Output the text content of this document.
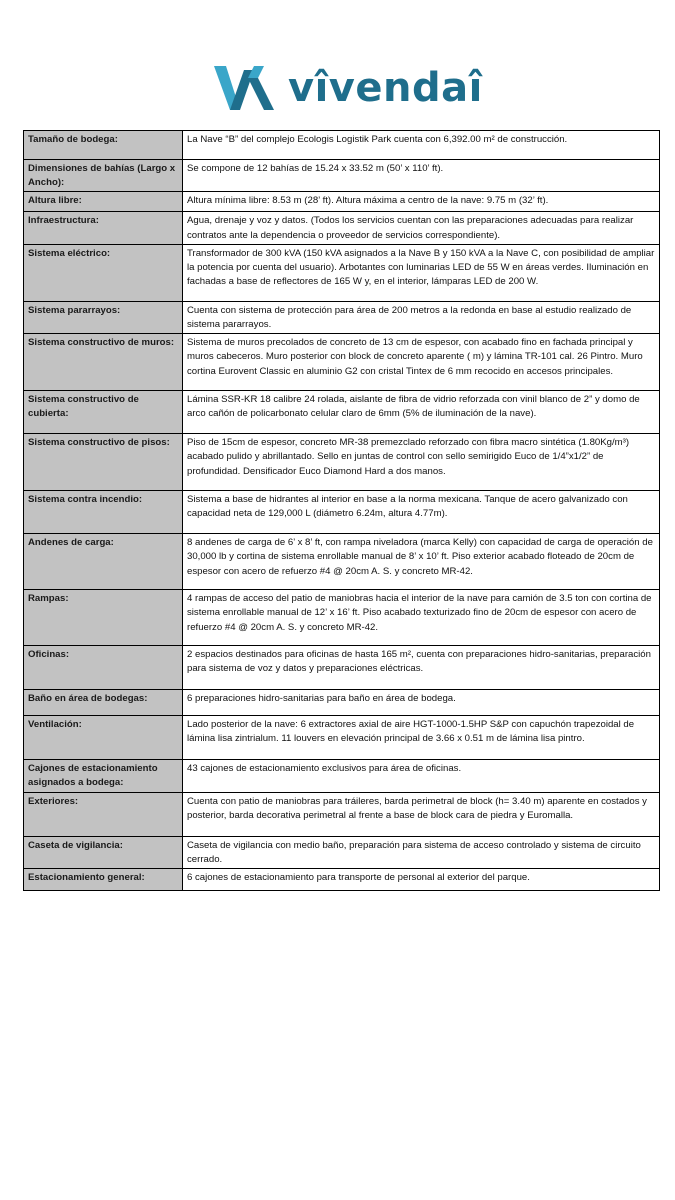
vîvendaî
Tamaño de bodega:	La Nave “B” del complejo Ecologis Logistik Park cuenta con 6,392.00 m² de construcción.
Dimensiones de bahías (Largo x Ancho):	Se compone de 12 bahías de 15.24 x 33.52 m (50’ x 110’ ft).
Altura libre:	Altura mínima libre: 8.53 m (28’ ft). Altura máxima a centro de la nave: 9.75 m (32’ ft).
Infraestructura:	Agua, drenaje y voz y datos. (Todos los servicios cuentan con las preparaciones adecuadas para realizar contratos ante la dependencia o proveedor de servicios correspondiente).
Sistema eléctrico:	Transformador de 300 kVA (150 kVA asignados a la Nave B y 150 kVA a la Nave C, con posibilidad de ampliar la potencia por cuenta del usuario). Arbotantes con luminarias LED de 55 W en áreas verdes. Iluminación en fachadas a base de reflectores de 165 W y, en el interior, lámparas LED de 200 W.
Sistema pararrayos:	Cuenta con sistema de protección para área de 200 metros a la redonda en base al estudio realizado de sistema pararrayos.
Sistema constructivo de muros:	Sistema de muros precolados de concreto de 13 cm de espesor, con acabado fino en fachada principal y muros cabeceros. Muro posterior con block de concreto aparente ( m) y lámina TR-101 cal. 26 Pintro. Muro cortina Eurovent Classic en aluminio G2 con cristal Tintex de 6 mm recocido en accesos principales.
Sistema constructivo de cubierta:	Lámina SSR-KR 18 calibre 24 rolada, aislante de fibra de vidrio reforzada con vinil blanco de 2” y domo de arco cañón de policarbonato celular claro de 6mm (5% de iluminación de la nave).
Sistema constructivo de pisos:	Piso de 15cm de espesor, concreto MR-38 premezclado reforzado con fibra macro sintética (1.80Kg/m³) acabado pulido y abrillantado. Sello en juntas de control con sello semirigido Euco de 1/4”x1/2” de profundidad. Densificador Euco Diamond Hard a dos manos.
Sistema contra incendio:	Sistema a base de hidrantes al interior en base a la norma mexicana. Tanque de acero galvanizado con capacidad neta de 129,000 L (diámetro 6.24m, altura 4.77m).
Andenes de carga:	8 andenes de carga de 6’ x 8’ ft, con rampa niveladora (marca Kelly) con capacidad de carga de operación de 30,000 lb y cortina de sistema enrollable manual de 8’ x 10’ ft. Piso exterior acabado floteado de 20cm de espesor con acero de refuerzo #4 @ 20cm A. S. y concreto MR-42.
Rampas:	4 rampas de acceso del patio de maniobras hacia el interior de la nave para camión de 3.5 ton con cortina de sistema enrollable manual de 12’ x 16’ ft. Piso acabado texturizado fino de 20cm de espesor con acero de refuerzo #4 @ 20cm A. S. y concreto MR-42.
Oficinas:	2 espacios destinados para oficinas de hasta 165 m², cuenta con preparaciones hidro-sanitarias, preparación para sistema de voz y datos y preparaciones eléctricas.
Baño en área de bodegas:	6 preparaciones hidro-sanitarias para baño en área de bodega.
Ventilación:	Lado posterior de la nave: 6 extractores axial de aire HGT-1000-1.5HP S&P con capuchón trapezoidal de lámina lisa zintrialum. 11 louvers en elevación principal de 3.66 x 0.51 m de lámina lisa pintro.
Cajones de estacionamiento asignados a bodega:	43 cajones de estacionamiento exclusivos para área de oficinas.
Exteriores:	Cuenta con patio de maniobras para tráileres, barda perimetral de block (h= 3.40 m) aparente en costados y posterior, barda decorativa perimetral al frente a base de block cara de piedra y Euromalla.
Caseta de vigilancia:	Caseta de vigilancia con medio baño, preparación para sistema de acceso controlado y sistema de circuito cerrado.
Estacionamiento general:	6 cajones de estacionamiento para transporte de personal al exterior del parque.
